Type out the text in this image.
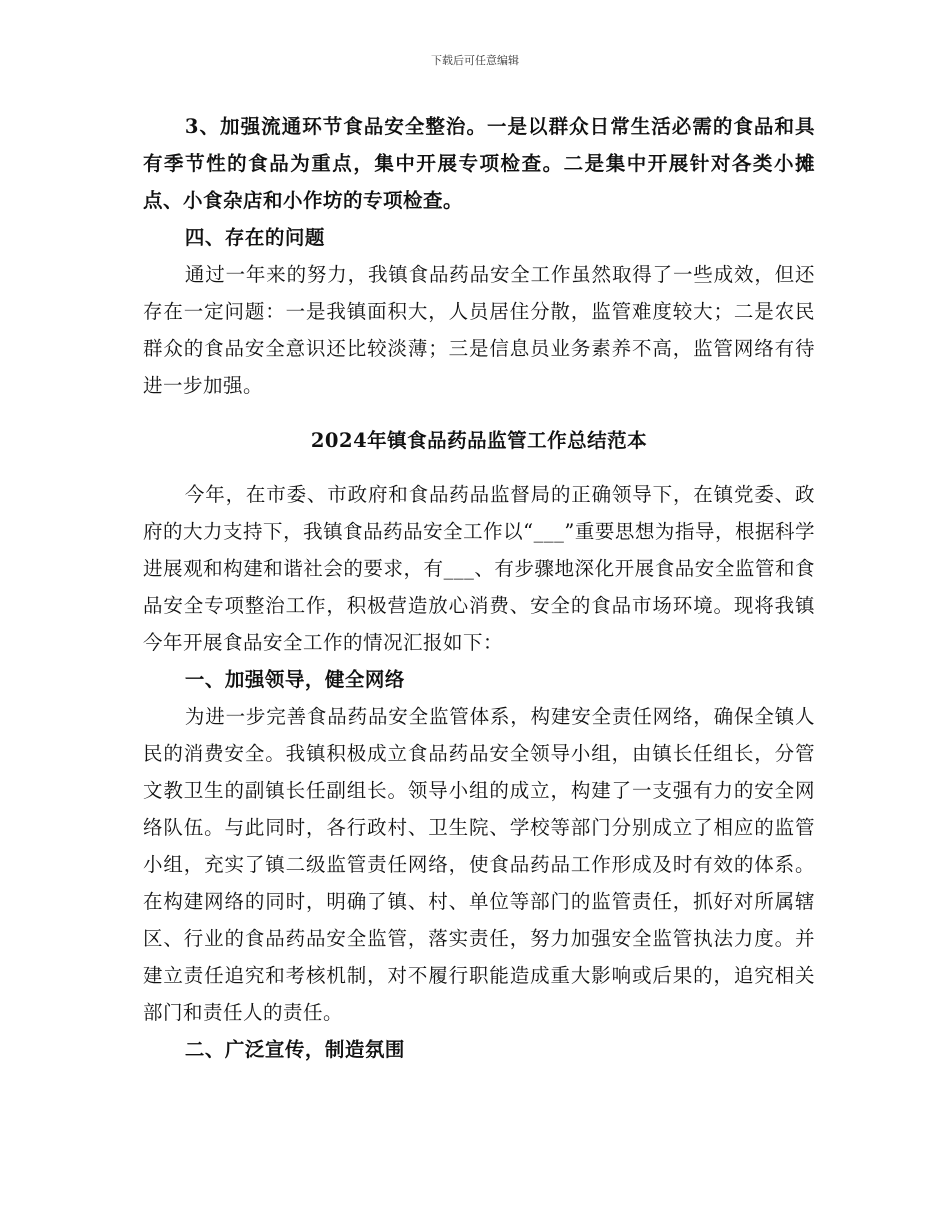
下载后可任意编辑

3、加强流通环节食品安全整治。一是以群众日常生活必需的食品和具有季节性的食品为重点，集中开展专项检查。二是集中开展针对各类小摊点、小食杂店和小作坊的专项检查。

四、存在的问题

通过一年来的努力，我镇食品药品安全工作虽然取得了一些成效，但还存在一定问题：一是我镇面积大，人员居住分散，监管难度较大；二是农民群众的食品安全意识还比较淡薄；三是信息员业务素养不高，监管网络有待进一步加强。

2024年镇食品药品监管工作总结范本

今年，在市委、市政府和食品药品监督局的正确领导下，在镇党委、政府的大力支持下，我镇食品药品安全工作以“___”重要思想为指导，根据科学进展观和构建和谐社会的要求，有___、有步骤地深化开展食品安全监管和食品安全专项整治工作，积极营造放心消费、安全的食品市场环境。现将我镇今年开展食品安全工作的情况汇报如下：

一、加强领导，健全网络

为进一步完善食品药品安全监管体系，构建安全责任网络，确保全镇人民的消费安全。我镇积极成立食品药品安全领导小组，由镇长任组长，分管文教卫生的副镇长任副组长。领导小组的成立，构建了一支强有力的安全网络队伍。与此同时，各行政村、卫生院、学校等部门分别成立了相应的监管小组，充实了镇二级监管责任网络，使食品药品工作形成及时有效的体系。在构建网络的同时，明确了镇、村、单位等部门的监管责任，抓好对所属辖区、行业的食品药品安全监管，落实责任，努力加强安全监管执法力度。并建立责任追究和考核机制，对不履行职能造成重大影响或后果的，追究相关部门和责任人的责任。

二、广泛宣传，制造氛围
